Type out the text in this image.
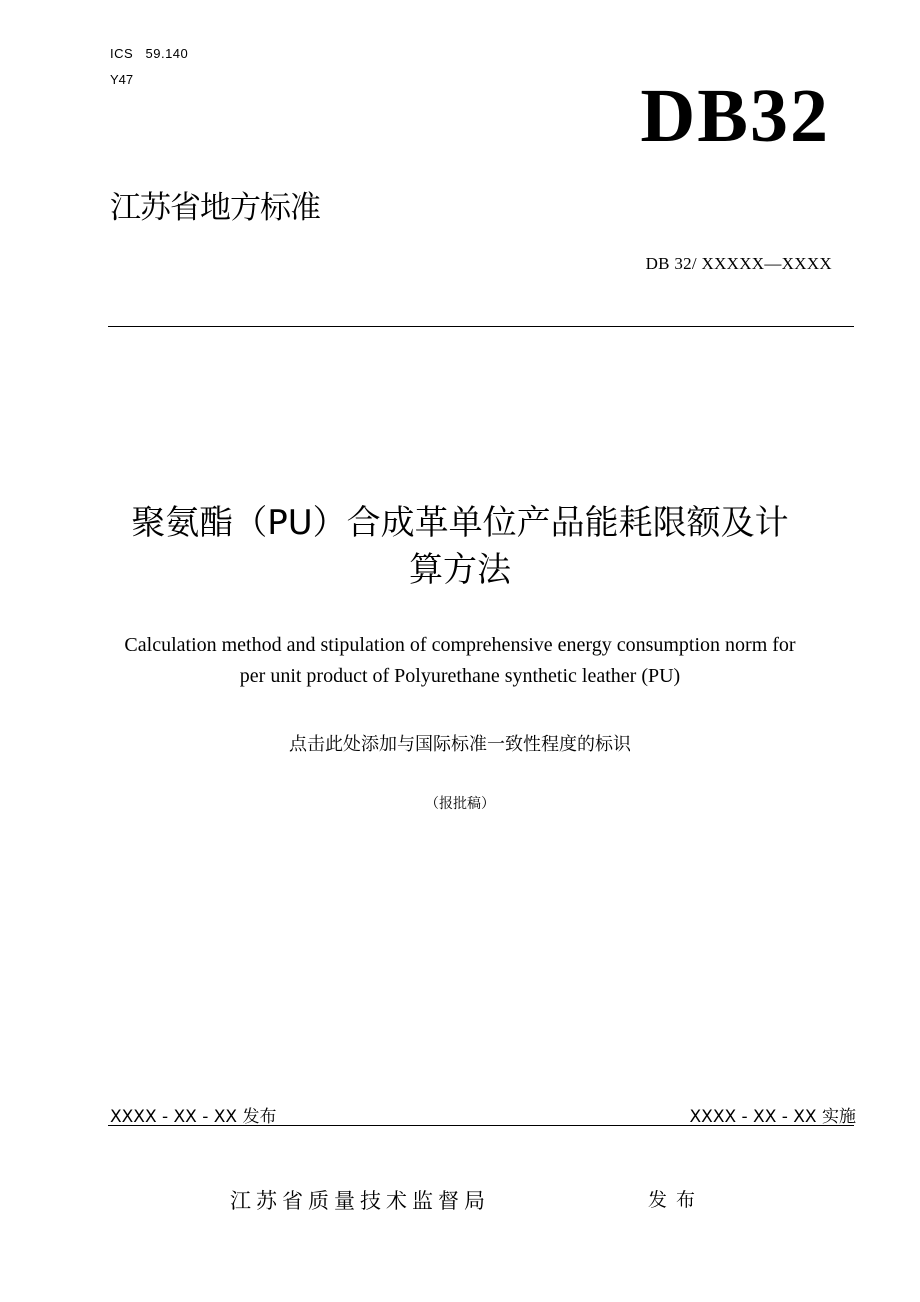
ICS   59.140
Y47	DB32
江苏省地方标准
DB 32/ XXXXX—XXXX
聚氨酯（PU）合成革单位产品能耗限额及计
算方法
Calculation method and stipulation of comprehensive energy consumption norm for
per unit product of Polyurethane synthetic leather (PU)
点击此处添加与国际标准一致性程度的标识
（报批稿）
XXXX - XX - XX 发布	XXXX - XX - XX 实施
江苏省质量技术监督局	发布
